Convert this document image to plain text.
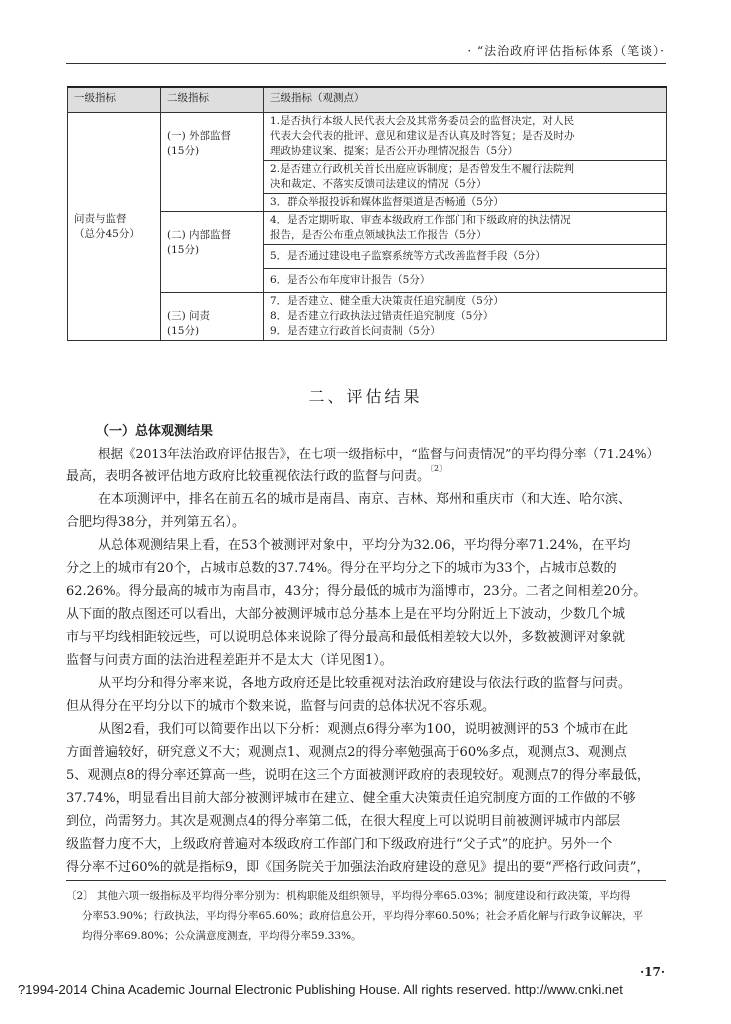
· “法治政府评估指标体系（笔谈）·
一级指标	二级指标	三级指标（观测点）

问责与监督
（总分45分）	(一) 外部监督
(15分)	1.是否执行本级人民代表大会及其常务委员会的监督决定，对人民
代表大会代表的批评、意见和建议是否认真及时答复；是否及时办
理政协建议案、提案；是否公开办理情况报告（5分）

		2.是否建立行政机关首长出庭应诉制度；是否曾发生不履行法院判
决和裁定、不落实反馈司法建议的情况（5分）

		3．群众举报投诉和媒体监督渠道是否畅通（5分）

	(二) 内部监督
(15分)	4．是否定期听取、审查本级政府工作部门和下级政府的执法情况
报告，是否公布重点领域执法工作报告（5分）

		5．是否通过建设电子监察系统等方式改善监督手段（5分）

		6．是否公布年度审计报告（5分）

	(三) 问责
(15分)	7．是否建立、健全重大决策责任追究制度（5分）
8．是否建立行政执法过错责任追究制度（5分）
9．是否建立行政首长问责制（5分）
二、评估结果
（一）总体观测结果
根据《2013年法治政府评估报告》，在七项一级指标中，“监督与问责情况”的平均得分率（71.24%）
最高，表明各被评估地方政府比较重视依法行政的监督与问责。$^{〔2〕}$
在本项测评中，排名在前五名的城市是南昌、南京、吉林、郑州和重庆市（和大连、哈尔滨、
合肥均得38分，并列第五名）。
从总体观测结果上看，在53个被测评对象中，平均分为32.06，平均得分率71.24%，在平均
分之上的城市有20个，占城市总数的37.74%。得分在平均分之下的城市为33个，占城市总数的
62.26%。得分最高的城市为南昌市，43分；得分最低的城市为淄博市，23分。二者之间相差20分。
从下面的散点图还可以看出，大部分被测评城市总分基本上是在平均分附近上下波动，少数几个城
市与平均线相距较远些，可以说明总体来说除了得分最高和最低相差较大以外，多数被测评对象就
监督与问责方面的法治进程差距并不是太大（详见图1）。
从平均分和得分率来说，各地方政府还是比较重视对法治政府建设与依法行政的监督与问责。
但从得分在平均分以下的城市个数来说，监督与问责的总体状况不容乐观。
从图2看，我们可以简要作出以下分析：观测点6得分率为100，说明被测评的53 个城市在此
方面普遍较好，研究意义不大；观测点1、观测点2的得分率勉强高于60%多点，观测点3、观测点
5、观测点8的得分率还算高一些，说明在这三个方面被测评政府的表现较好。观测点7的得分率最低，
37.74%，明显看出目前大部分被测评城市在建立、健全重大决策责任追究制度方面的工作做的不够
到位，尚需努力。其次是观测点4的得分率第二低，在很大程度上可以说明目前被测评城市内部层
级监督力度不大，上级政府普遍对本级政府工作部门和下级政府进行“父子式”的庇护。另外一个
得分率不过60%的就是指标9，即《国务院关于加强法治政府建设的意见》提出的要“严格行政问责”，
〔2〕 其他六项一级指标及平均得分率分别为：机构职能及组织领导，平均得分率65.03%；制度建设和行政决策，平均得
分率53.90%；行政执法，平均得分率65.60%；政府信息公开，平均得分率60.50%；社会矛盾化解与行政争议解决，平
均得分率69.80%；公众满意度测查，平均得分率59.33%。
·17·
?1994-2014 China Academic Journal Electronic Publishing House. All rights reserved. http://www.cnki.net
